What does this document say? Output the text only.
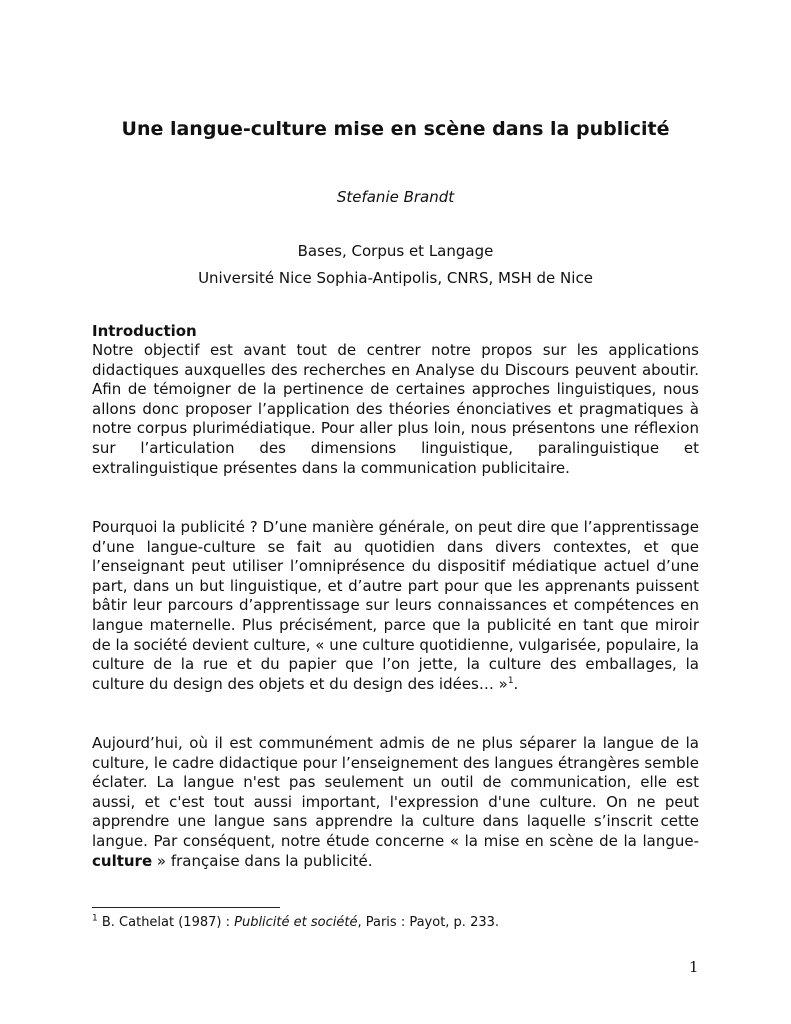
Une langue-culture mise en scène dans la publicité

Stefanie Brandt

Bases, Corpus et Langage

Université Nice Sophia-Antipolis, CNRS, MSH de Nice

Introduction

Notre objectif est avant tout de centrer notre propos sur les applications didactiques auxquelles des recherches en Analyse du Discours peuvent aboutir. Afin de témoigner de la pertinence de certaines approches linguistiques, nous allons donc proposer l’application des théories énonciatives et pragmatiques à notre corpus plurimédiatique. Pour aller plus loin, nous présentons une réflexion sur l’articulation des dimensions linguistique, paralinguistique et extralinguistique présentes dans la communication publicitaire.

Pourquoi la publicité ? D’une manière générale, on peut dire que l’apprentissage d’une langue-culture se fait au quotidien dans divers contextes, et que l’enseignant peut utiliser l’omniprésence du dispositif médiatique actuel d’une part, dans un but linguistique, et d’autre part pour que les apprenants puissent bâtir leur parcours d’apprentissage sur leurs connaissances et compétences en langue maternelle. Plus précisément, parce que la publicité en tant que miroir de la société devient culture, « une culture quotidienne, vulgarisée, populaire, la culture de la rue et du papier que l’on jette, la culture des emballages, la culture du design des objets et du design des idées… »$^1$.

Aujourd’hui, où il est communément admis de ne plus séparer la langue de la culture, le cadre didactique pour l’enseignement des langues étrangères semble éclater. La langue n'est pas seulement un outil de communication, elle est aussi, et c'est tout aussi important, l'expression d'une culture. On ne peut apprendre une langue sans apprendre la culture dans laquelle s’inscrit cette langue. Par conséquent, notre étude concerne « la mise en scène de la langue-culture » française dans la publicité.

$^1$ B. Cathelat (1987) : Publicité et société, Paris : Payot, p. 233.

1
